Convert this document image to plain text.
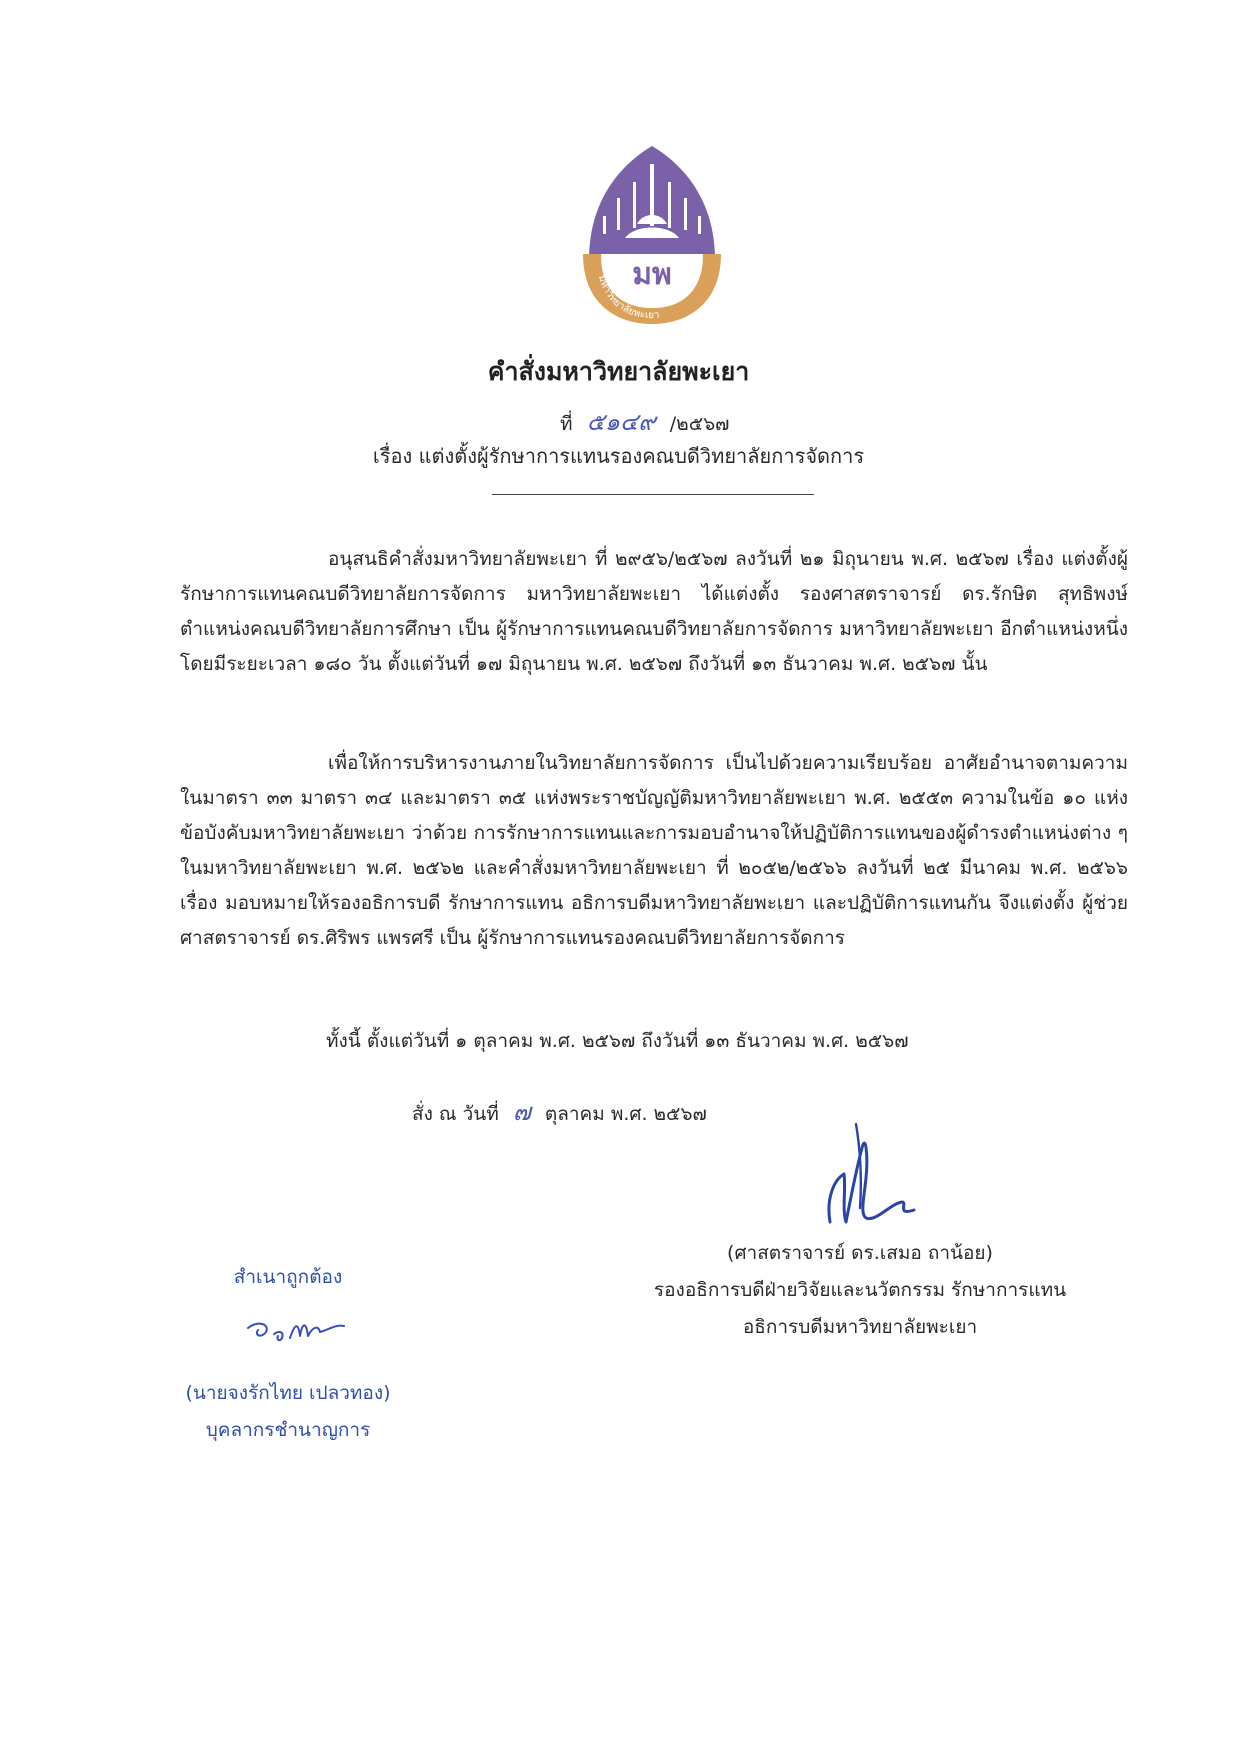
มพ
มหาวิทยาลัยพะเยา
คำสั่งมหาวิทยาลัยพะเยา
ที่ ๕๑๔๙ /๒๕๖๗
เรื่อง แต่งตั้งผู้รักษาการแทนรองคณบดีวิทยาลัยการจัดการ
อนุสนธิคำสั่งมหาวิทยาลัยพะเยา ที่ ๒๙๕๖/๒๕๖๗ ลงวันที่ ๒๑ มิถุนายน พ.ศ. ๒๕๖๗ เรื่อง แต่งตั้งผู้รักษาการแทนคณบดีวิทยาลัยการจัดการ มหาวิทยาลัยพะเยา ได้แต่งตั้ง รองศาสตราจารย์ ดร.รักษิต สุทธิพงษ์ ตำแหน่งคณบดีวิทยาลัยการศึกษา เป็น ผู้รักษาการแทนคณบดีวิทยาลัยการจัดการ มหาวิทยาลัยพะเยา อีกตำแหน่งหนึ่ง โดยมีระยะเวลา ๑๘๐ วัน ตั้งแต่วันที่ ๑๗ มิถุนายน พ.ศ. ๒๕๖๗ ถึงวันที่ ๑๓ ธันวาคม พ.ศ. ๒๕๖๗ นั้น
เพื่อให้การบริหารงานภายในวิทยาลัยการจัดการ เป็นไปด้วยความเรียบร้อย อาศัยอำนาจตามความในมาตรา ๓๓ มาตรา ๓๔ และมาตรา ๓๕ แห่งพระราชบัญญัติมหาวิทยาลัยพะเยา พ.ศ. ๒๕๕๓ ความในข้อ ๑๐ แห่งข้อบังคับมหาวิทยาลัยพะเยา ว่าด้วย การรักษาการแทนและการมอบอำนาจให้ปฏิบัติการแทนของผู้ดำรงตำแหน่งต่าง ๆ ในมหาวิทยาลัยพะเยา พ.ศ. ๒๕๖๒ และคำสั่งมหาวิทยาลัยพะเยา ที่ ๒๐๕๒/๒๕๖๖ ลงวันที่ ๒๕ มีนาคม พ.ศ. ๒๕๖๖ เรื่อง มอบหมายให้รองอธิการบดี รักษาการแทน อธิการบดีมหาวิทยาลัยพะเยา และปฏิบัติการแทนกัน จึงแต่งตั้ง ผู้ช่วยศาสตราจารย์ ดร.ศิริพร แพรศรี เป็น ผู้รักษาการแทนรองคณบดีวิทยาลัยการจัดการ
ทั้งนี้ ตั้งแต่วันที่ ๑ ตุลาคม พ.ศ. ๒๕๖๗ ถึงวันที่ ๑๓ ธันวาคม พ.ศ. ๒๕๖๗
สั่ง ณ วันที่ ๗ ตุลาคม พ.ศ. ๒๕๖๗
(ศาสตราจารย์ ดร.เสมอ ถาน้อย)
รองอธิการบดีฝ่ายวิจัยและนวัตกรรม รักษาการแทน
อธิการบดีมหาวิทยาลัยพะเยา
สำเนาถูกต้อง
(นายจงรักไทย เปลวทอง)
บุคลากรชำนาญการ
